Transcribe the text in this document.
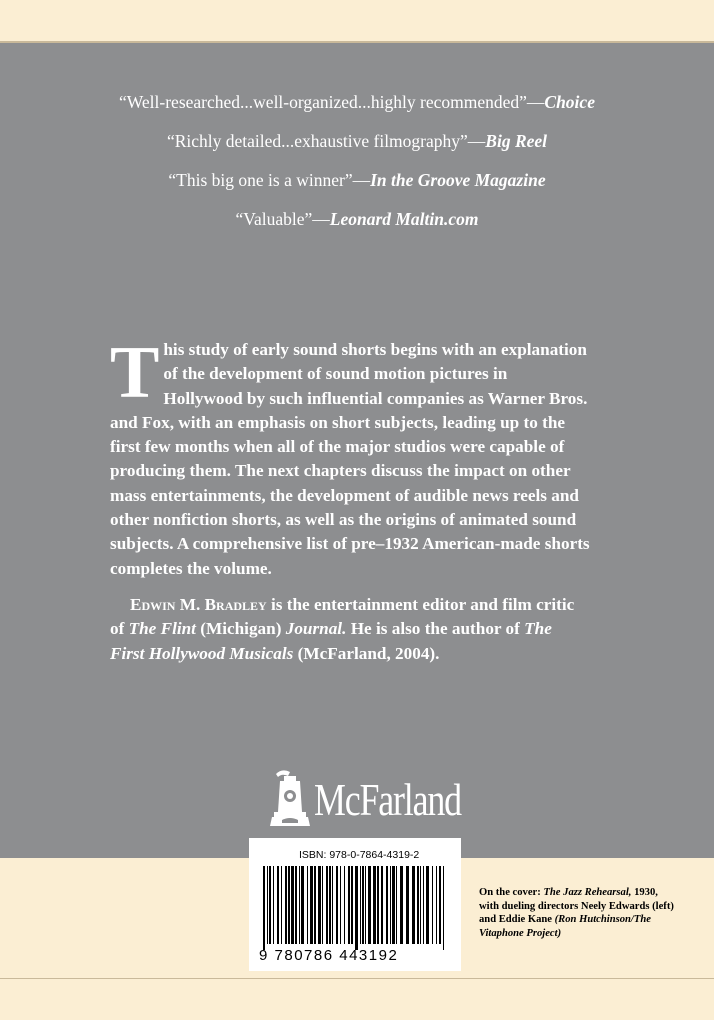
“Well-researched...well-organized...highly recommended”—Choice

“Richly detailed...exhaustive filmography”—Big Reel

“This big one is a winner”—In the Groove Magazine

“Valuable”—Leonard Maltin.com

This study of early sound shorts begins with an explanation of the development of sound motion pictures in Hollywood by such influential companies as Warner Bros. and Fox, with an emphasis on short subjects, leading up to the first few months when all of the major studios were capable of producing them. The next chapters discuss the impact on other mass entertainments, the development of audible news reels and other nonfiction shorts, as well as the origins of animated sound subjects. A comprehensive list of pre–1932 American-made shorts completes the volume.

Edwin M. Bradley is the entertainment editor and film critic of The Flint (Michigan) Journal. He is also the author of The First Hollywood Musicals (McFarland, 2004).

McFarland
ISBN: 978-0-7864-4319-2
9 780786 443192
On the cover: The Jazz Rehearsal, 1930, with dueling directors Neely Edwards (left) and Eddie Kane (Ron Hutchinson/The Vitaphone Project)
